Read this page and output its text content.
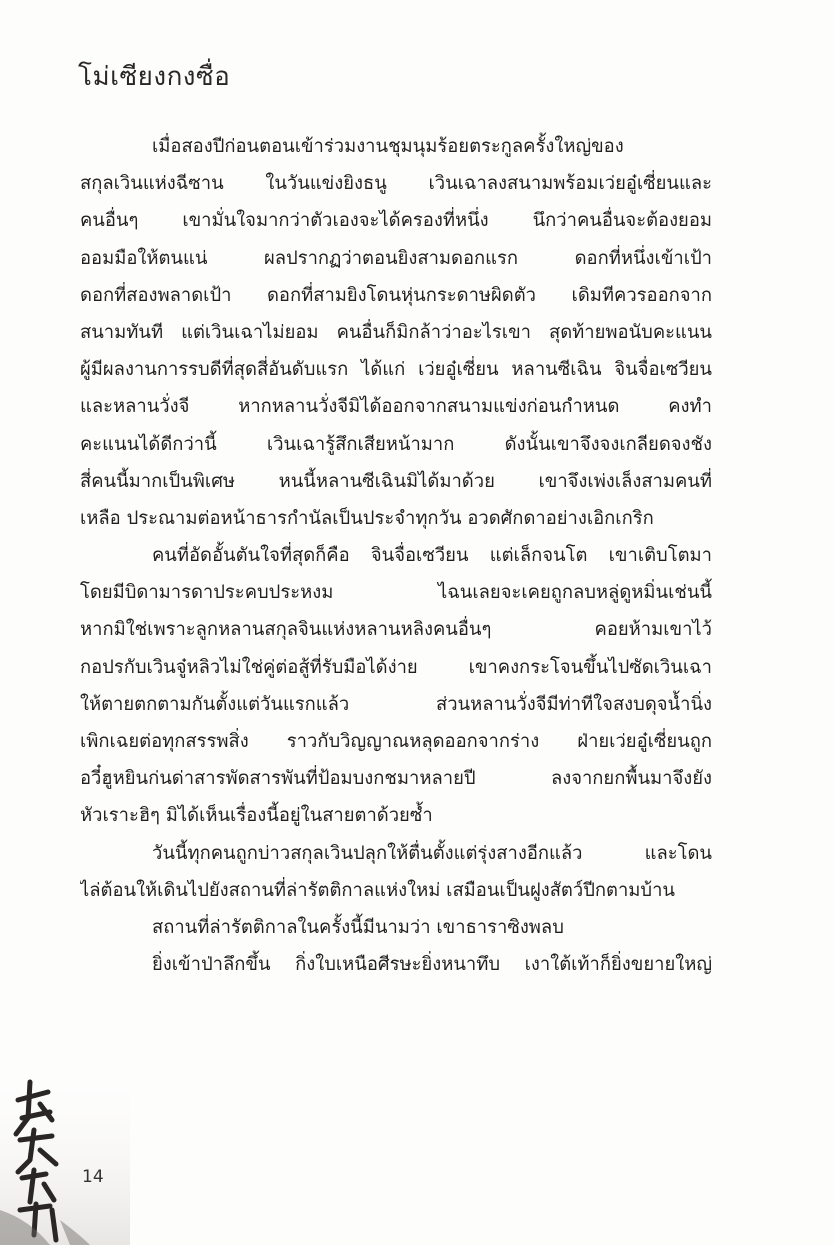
โม่เซียงกงซื่อ
เมื่อสองปีก่อนตอนเข้าร่วมงานชุมนุมร้อยตระกูลครั้งใหญ่ของ
สกุลเวินแห่งฉีซาน ในวันแข่งยิงธนู เวินเฉาลงสนามพร้อมเว่ยอู๋เซี่ยนและ
คนอื่นๆ เขามั่นใจมากว่าตัวเองจะได้ครองที่หนึ่ง นึกว่าคนอื่นจะต้องยอม
ออมมือให้ตนแน่ ผลปรากฏว่าตอนยิงสามดอกแรก ดอกที่หนึ่งเข้าเป้า
ดอกที่สองพลาดเป้า ดอกที่สามยิงโดนหุ่นกระดาษผิดตัว เดิมทีควรออกจาก
สนามทันที แต่เวินเฉาไม่ยอม คนอื่นก็มิกล้าว่าอะไรเขา สุดท้ายพอนับคะแนน
ผู้มีผลงานการรบดีที่สุดสี่อันดับแรก ได้แก่ เว่ยอู๋เซี่ยน หลานซีเฉิน จินจื่อเซวียน
และหลานวั่งจี หากหลานวั่งจีมิได้ออกจากสนามแข่งก่อนกำหนด คงทำ
คะแนนได้ดีกว่านี้ เวินเฉารู้สึกเสียหน้ามาก ดังนั้นเขาจึงจงเกลียดจงชัง
สี่คนนี้มากเป็นพิเศษ หนนี้หลานซีเฉินมิได้มาด้วย เขาจึงเพ่งเล็งสามคนที่
เหลือ ประณามต่อหน้าธารกำนัลเป็นประจำทุกวัน อวดศักดาอย่างเอิกเกริก
คนที่อัดอั้นตันใจที่สุดก็คือ จินจื่อเซวียน แต่เล็กจนโต เขาเติบโตมา
โดยมีบิดามารดาประคบประหงม ไฉนเลยจะเคยถูกลบหลู่ดูหมิ่นเช่นนี้
หากมิใช่เพราะลูกหลานสกุลจินแห่งหลานหลิงคนอื่นๆ คอยห้ามเขาไว้
กอปรกับเวินจู๋หลิวไม่ใช่คู่ต่อสู้ที่รับมือได้ง่าย เขาคงกระโจนขึ้นไปซัดเวินเฉา
ให้ตายตกตามกันตั้งแต่วันแรกแล้ว ส่วนหลานวั่งจีมีท่าทีใจสงบดุจน้ำนิ่ง
เพิกเฉยต่อทุกสรรพสิ่ง ราวกับวิญญาณหลุดออกจากร่าง ฝ่ายเว่ยอู๋เซี่ยนถูก
อวี๋ฮูหยินก่นด่าสารพัดสารพันที่ป้อมบงกชมาหลายปี ลงจากยกพื้นมาจึงยัง
หัวเราะฮิๆ มิได้เห็นเรื่องนี้อยู่ในสายตาด้วยซ้ำ
วันนี้ทุกคนถูกบ่าวสกุลเวินปลุกให้ตื่นตั้งแต่รุ่งสางอีกแล้ว และโดน
ไล่ต้อนให้เดินไปยังสถานที่ล่ารัตติกาลแห่งใหม่ เสมือนเป็นฝูงสัตว์ปีกตามบ้าน
สถานที่ล่ารัตติกาลในครั้งนี้มีนามว่า เขาธาราซิงพลบ
ยิ่งเข้าป่าลึกขึ้น กิ่งใบเหนือศีรษะยิ่งหนาทึบ เงาใต้เท้าก็ยิ่งขยายใหญ่
14
